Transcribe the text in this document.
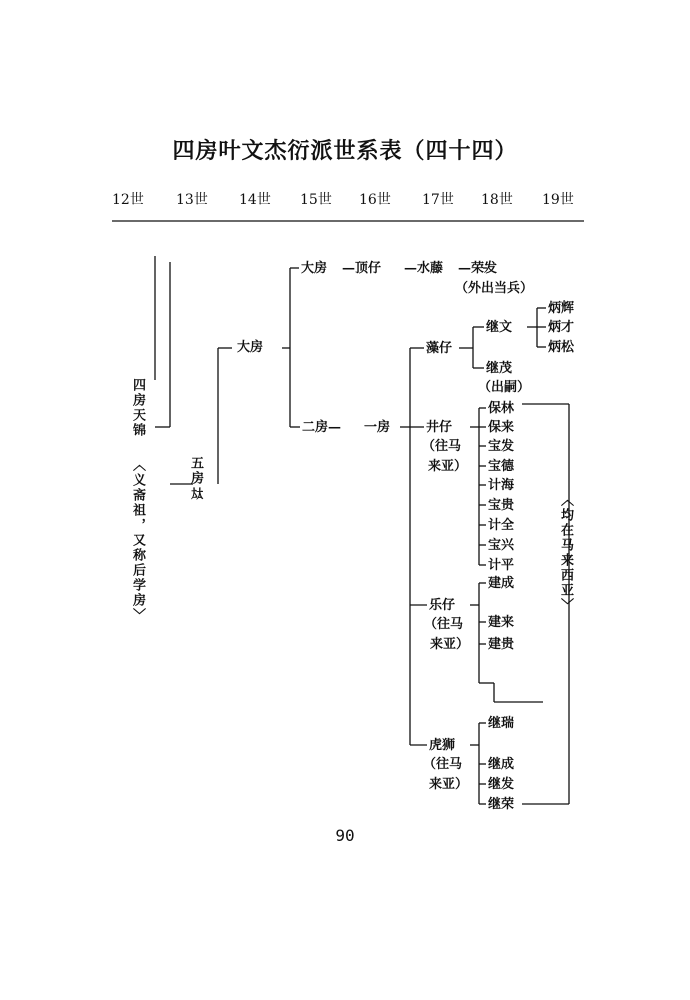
四房叶文杰衍派世系表（四十四）
12世 13世 14世 15世 16世 17世 18世 19世
四房天锦
〈义斋祖，又称后学房〉	五房𡘋
大房
大房 —顶仔 —水藤 —荣发
（外出当兵）
二房— 一房
藻仔
继文
炳辉
炳才
炳松
继茂
（出嗣）
井仔
（往马
来亚）
保林
保来
宝发
宝德
计海
宝贵
计全
宝兴
计平
乐仔
（往马
来亚）
建成
建来
建贵
虎狮
（往马
来亚）
继瑞
继成
继发
继荣
〈均在马来西亚〉
90
